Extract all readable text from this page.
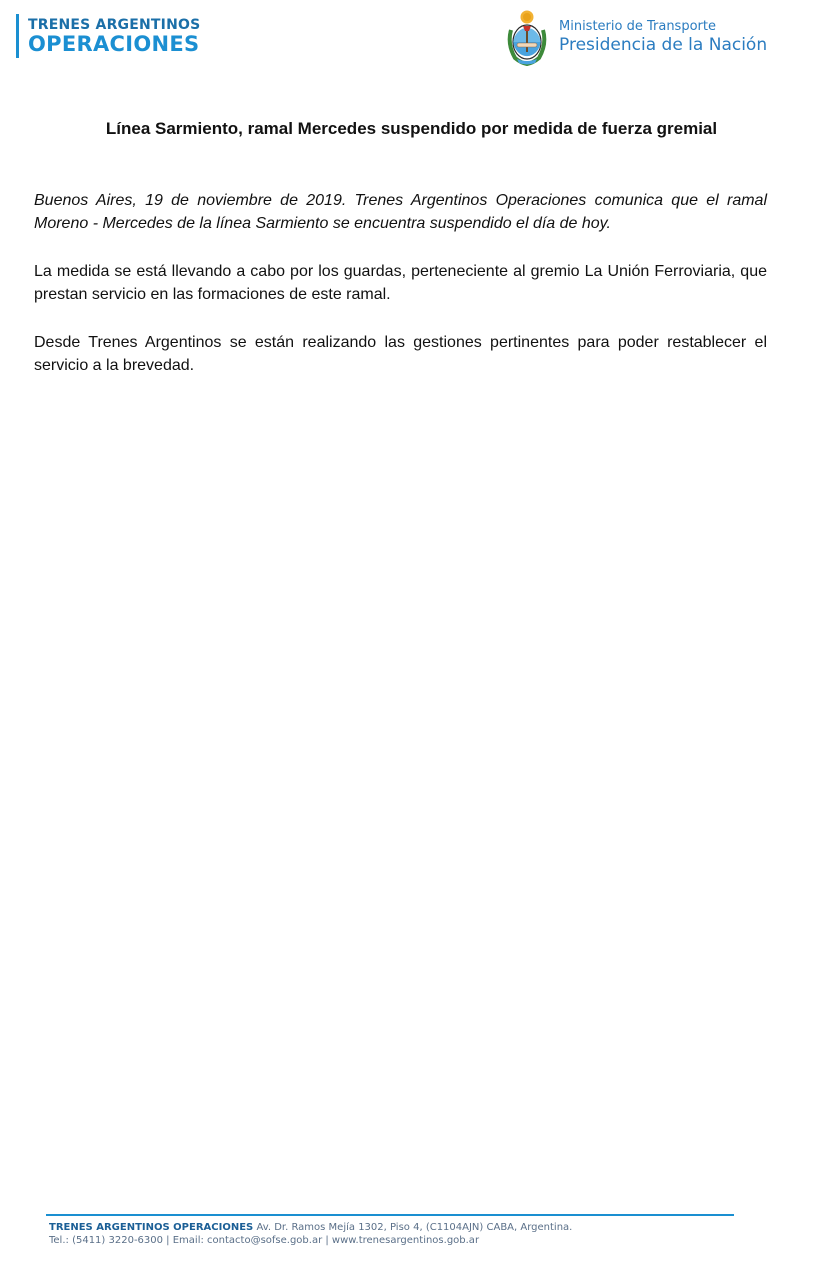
TRENES ARGENTINOS
OPERACIONES
Ministerio de Transporte
Presidencia de la Nación
Línea Sarmiento, ramal Mercedes suspendido por medida de fuerza gremial

Buenos Aires, 19 de noviembre de 2019. Trenes Argentinos Operaciones comunica que el ramal Moreno - Mercedes de la línea Sarmiento se encuentra suspendido el día de hoy.

La medida se está llevando a cabo por los guardas, perteneciente al gremio La Unión Ferroviaria, que prestan servicio en las formaciones de este ramal.

Desde Trenes Argentinos se están realizando las gestiones pertinentes para poder restablecer el servicio a la brevedad.

TRENES ARGENTINOS OPERACIONES Av. Dr. Ramos Mejía 1302, Piso 4, (C1104AJN) CABA, Argentina.
Tel.: (5411) 3220-6300 | Email: contacto@sofse.gob.ar | www.trenesargentinos.gob.ar
